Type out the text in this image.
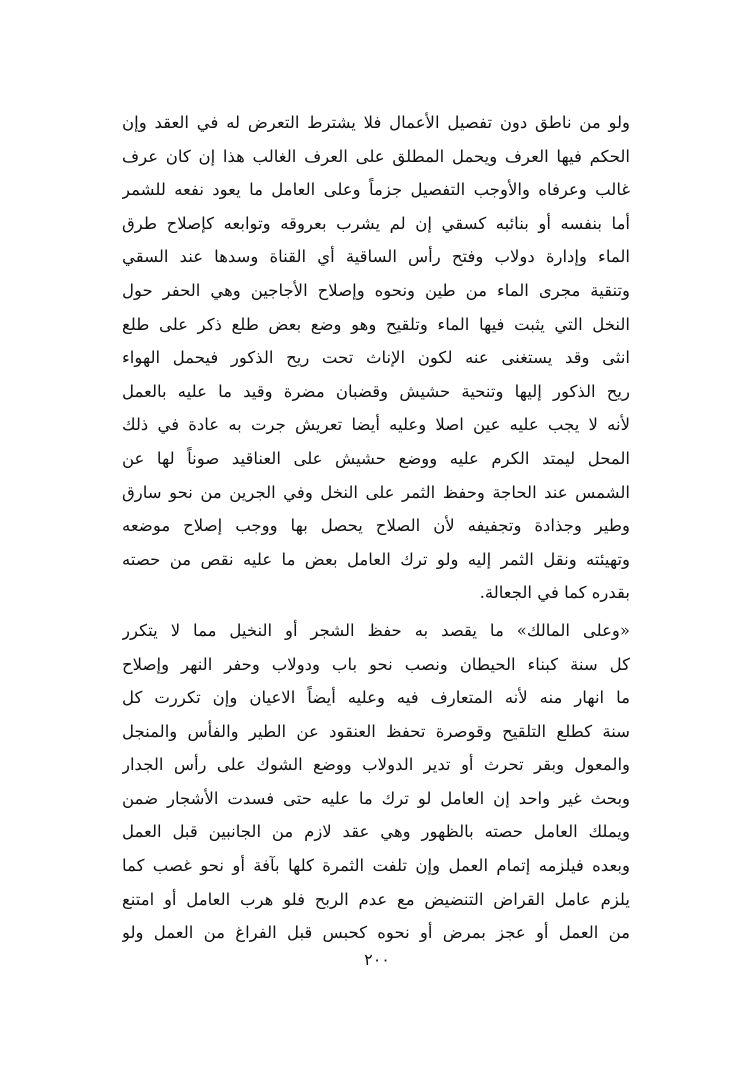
ولو من ناطق دون تفصيل الأعمال فلا يشترط التعرض له في العقد وإن
الحكم فيها العرف ويحمل المطلق على العرف الغالب هذا إن كان عرف
غالب وعرفاه والأوجب التفصيل جزماً وعلى العامل ما يعود نفعه للشمر
أما بنفسه أو بنائبه كسقي إن لم يشرب بعروقه وتوابعه كإصلاح طرق
الماء وإدارة دولاب وفتح رأس الساقية أي القناة وسدها عند السقي
وتنقية مجرى الماء من طين ونحوه وإصلاح الأجاجين وهي الحفر حول
النخل التي يثبت فيها الماء وتلقيح وهو وضع بعض طلع ذكر على طلع
انثى وقد يستغنى عنه لكون الإناث تحت ريح الذكور فيحمل الهواء
ريح الذكور إليها وتنحية حشيش وقضبان مضرة وقيد ما عليه بالعمل
لأنه لا يجب عليه عين اصلا وعليه أيضا تعريش جرت به عادة في ذلك
المحل ليمتد الكرم عليه ووضع حشيش على العناقيد صوناً لها عن
الشمس عند الحاجة وحفظ الثمر على النخل وفي الجرين من نحو سارق
وطير وجذادة وتجفيفه لأن الصلاح يحصل بها ووجب إصلاح موضعه
وتهيئته ونقل الثمر إليه ولو ترك العامل بعض ما عليه نقص من حصته
بقدره كما في الجعالة.
«وعلى المالك» ما يقصد به حفظ الشجر أو النخيل مما لا يتكرر
كل سنة كبناء الحيطان ونصب نحو باب ودولاب وحفر النهر وإصلاح
ما انهار منه لأنه المتعارف فيه وعليه أيضاً الاعيان وإن تكررت كل
سنة كطلع التلقيح وقوصرة تحفظ العنقود عن الطير والفأس والمنجل
والمعول وبقر تحرث أو تدير الدولاب ووضع الشوك على رأس الجدار
وبحث غير واحد إن العامل لو ترك ما عليه حتى فسدت الأشجار ضمن
ويملك العامل حصته بالظهور وهي عقد لازم من الجانبين قبل العمل
وبعده فيلزمه إتمام العمل وإن تلفت الثمرة كلها بآفة أو نحو غصب كما
يلزم عامل القراض التنضيض مع عدم الربح فلو هرب العامل أو امتنع
من العمل أو عجز بمرض أو نحوه كحبس قبل الفراغ من العمل ولو
٢٠٠
